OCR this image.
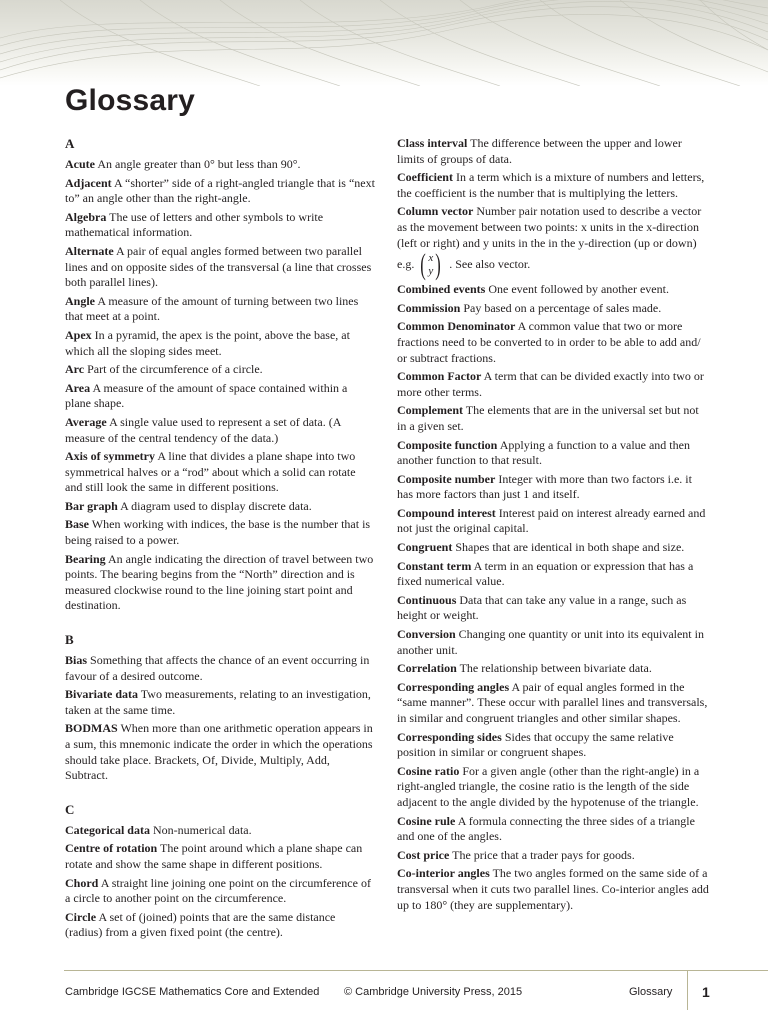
Glossary
A
Acute An angle greater than 0° but less than 90°.
Adjacent A “shorter” side of a right-angled triangle that is “next to” an angle other than the right-angle.
Algebra The use of letters and other symbols to write mathematical information.
Alternate A pair of equal angles formed between two parallel lines and on opposite sides of the transversal (a line that crosses both parallel lines).
Angle A measure of the amount of turning between two lines that meet at a point.
Apex In a pyramid, the apex is the point, above the base, at which all the sloping sides meet.
Arc Part of the circumference of a circle.
Area A measure of the amount of space contained within a plane shape.
Average A single value used to represent a set of data. (A measure of the central tendency of the data.)
Axis of symmetry A line that divides a plane shape into two symmetrical halves or a “rod” about which a solid can rotate and still look the same in different positions.
Bar graph A diagram used to display discrete data.
Base When working with indices, the base is the number that is being raised to a power.
Bearing An angle indicating the direction of travel between two points. The bearing begins from the “North” direction and is measured clockwise round to the line joining start point and destination.
B
Bias Something that affects the chance of an event occurring in favour of a desired outcome.
Bivariate data Two measurements, relating to an investigation, taken at the same time.
BODMAS When more than one arithmetic operation appears in a sum, this mnemonic indicate the order in which the operations should take place. Brackets, Of, Divide, Multiply, Add, Subtract.
C
Categorical data Non-numerical data.
Centre of rotation The point around which a plane shape can rotate and show the same shape in different positions.
Chord A straight line joining one point on the circumference of a circle to another point on the circumference.
Circle A set of (joined) points that are the same distance (radius) from a given fixed point (the centre).
Class interval The difference between the upper and lower limits of groups of data.
Coefficient In a term which is a mixture of numbers and letters, the coefficient is the number that is multiplying the letters.
Column vector Number pair notation used to describe a vector as the movement between two points: x units in the x-direction (left or right) and y units in the in the y-direction (up or down)
e.g. ( x
y ) . See also vector.
Combined events One event followed by another event.
Commission Pay based on a percentage of sales made.
Common Denominator A common value that two or more fractions need to be converted to in order to be able to add and/ or subtract fractions.
Common Factor A term that can be divided exactly into two or more other terms.
Complement The elements that are in the universal set but not in a given set.
Composite function Applying a function to a value and then another function to that result.
Composite number Integer with more than two factors i.e. it has more factors than just 1 and itself.
Compound interest Interest paid on interest already earned and not just the original capital.
Congruent Shapes that are identical in both shape and size.
Constant term A term in an equation or expression that has a fixed numerical value.
Continuous Data that can take any value in a range, such as height or weight.
Conversion Changing one quantity or unit into its equivalent in another unit.
Correlation The relationship between bivariate data.
Corresponding angles A pair of equal angles formed in the “same manner”. These occur with parallel lines and transversals, in similar and congruent triangles and other similar shapes.
Corresponding sides Sides that occupy the same relative position in similar or congruent shapes.
Cosine ratio For a given angle (other than the right-angle) in a right-angled triangle, the cosine ratio is the length of the side adjacent to the angle divided by the hypotenuse of the triangle.
Cosine rule A formula connecting the three sides of a triangle and one of the angles.
Cost price The price that a trader pays for goods.
Co-interior angles The two angles formed on the same side of a transversal when it cuts two parallel lines. Co-interior angles add up to 180° (they are supplementary).
Cambridge IGCSE Mathematics Core and Extended © Cambridge University Press, 2015	Glossary 1
